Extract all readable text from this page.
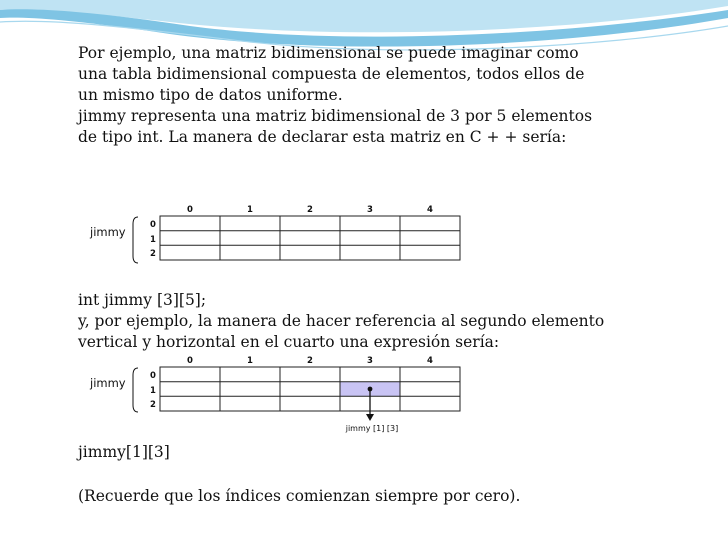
Por ejemplo, una matriz bidimensional se puede imaginar como
una tabla bidimensional compuesta de elementos, todos ellos de
un mismo tipo de datos uniforme.
jimmy representa una matriz bidimensional de 3 por 5 elementos
de tipo int. La manera de declarar esta matriz en C + + sería:
jimmy
0	1	2	3	4
0
1
2
int jimmy [3][5];
y, por ejemplo, la manera de hacer referencia al segundo elemento
vertical y horizontal en el cuarto una expresión sería:
jimmy
0	1	2	3	4
0
1
2
jimmy [1] [3]
jimmy[1][3]
(Recuerde que los índices comienzan siempre por cero).
